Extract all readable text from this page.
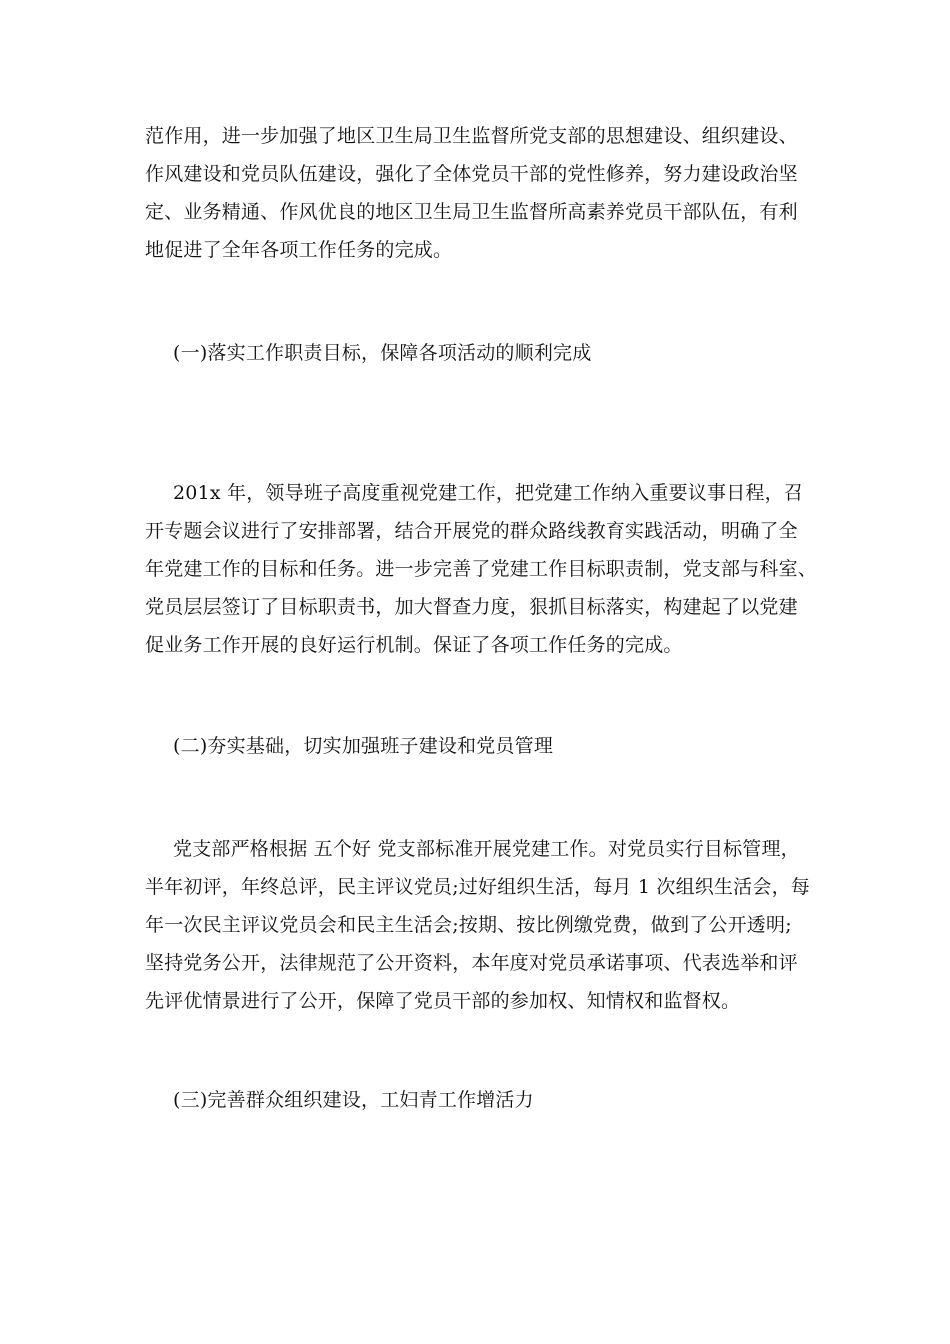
范作用，进一步加强了地区卫生局卫生监督所党支部的思想建设、组织建设、
作风建设和党员队伍建设，强化了全体党员干部的党性修养，努力建设政治坚
定、业务精通、作风优良的地区卫生局卫生监督所高素养党员干部队伍，有利
地促进了全年各项工作任务的完成。
(一)落实工作职责目标，保障各项活动的顺利完成
201x 年，领导班子高度重视党建工作，把党建工作纳入重要议事日程，召
开专题会议进行了安排部署，结合开展党的群众路线教育实践活动，明确了全
年党建工作的目标和任务。进一步完善了党建工作目标职责制，党支部与科室、
党员层层签订了目标职责书，加大督查力度，狠抓目标落实，构建起了以党建
促业务工作开展的良好运行机制。保证了各项工作任务的完成。
(二)夯实基础，切实加强班子建设和党员管理
党支部严格根据 五个好 党支部标准开展党建工作。对党员实行目标管理，
半年初评，年终总评，民主评议党员;过好组织生活，每月 1 次组织生活会，每
年一次民主评议党员会和民主生活会;按期、按比例缴党费，做到了公开透明;
坚持党务公开，法律规范了公开资料，本年度对党员承诺事项、代表选举和评
先评优情景进行了公开，保障了党员干部的参加权、知情权和监督权。
(三)完善群众组织建设，工妇青工作增活力
